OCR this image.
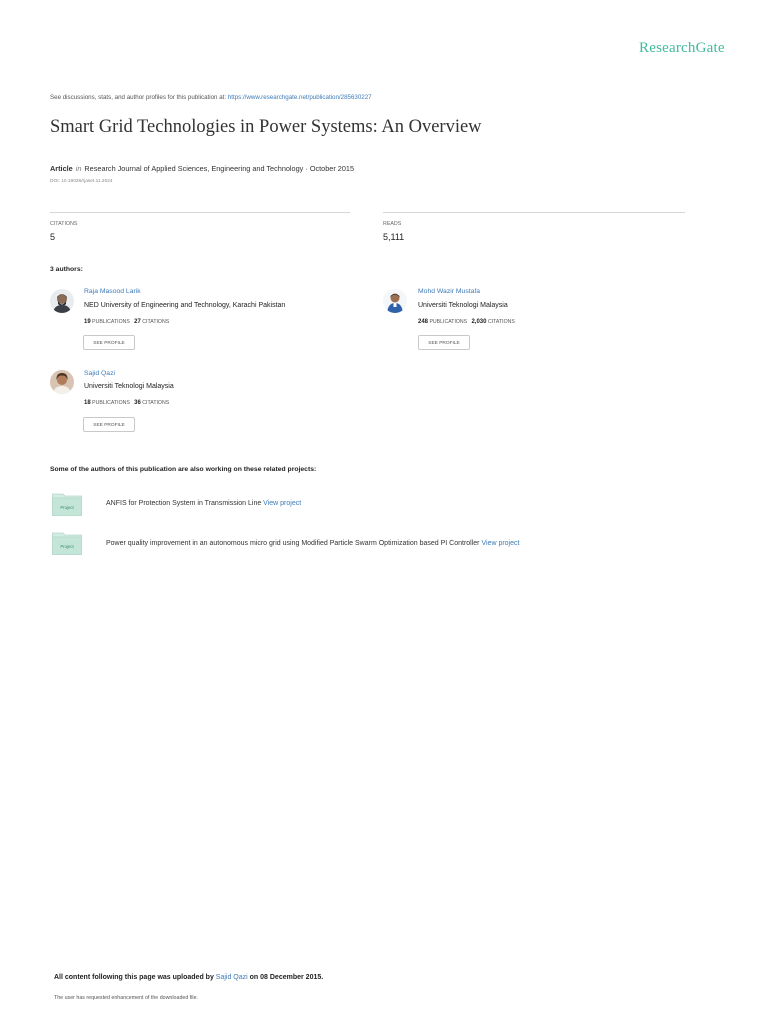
ResearchGate
See discussions, stats, and author profiles for this publication at: https://www.researchgate.net/publication/285630227
Smart Grid Technologies in Power Systems: An Overview
Article in Research Journal of Applied Sciences, Engineering and Technology · October 2015
DOI: 10.19026/rjaset.11.2024
CITATIONS
5
READS
5,111
3 authors:
Raja Masood Larik
NED University of Engineering and Technology, Karachi Pakistan
19 PUBLICATIONS 27 CITATIONS
SEE PROFILE
Mohd Wazir Mustafa
Universiti Teknologi Malaysia
248 PUBLICATIONS 2,030 CITATIONS
SEE PROFILE
Sajid Qazi
Universiti Teknologi Malaysia
18 PUBLICATIONS 36 CITATIONS
SEE PROFILE
Some of the authors of this publication are also working on these related projects:
Project
ANFIS for Protection System in Transmission Line View project
Project	Power quality improvement in an autonomous micro grid using Modified Particle Swarm Optimization based PI Controller View project
All content following this page was uploaded by Sajid Qazi on 08 December 2015.
The user has requested enhancement of the downloaded file.
